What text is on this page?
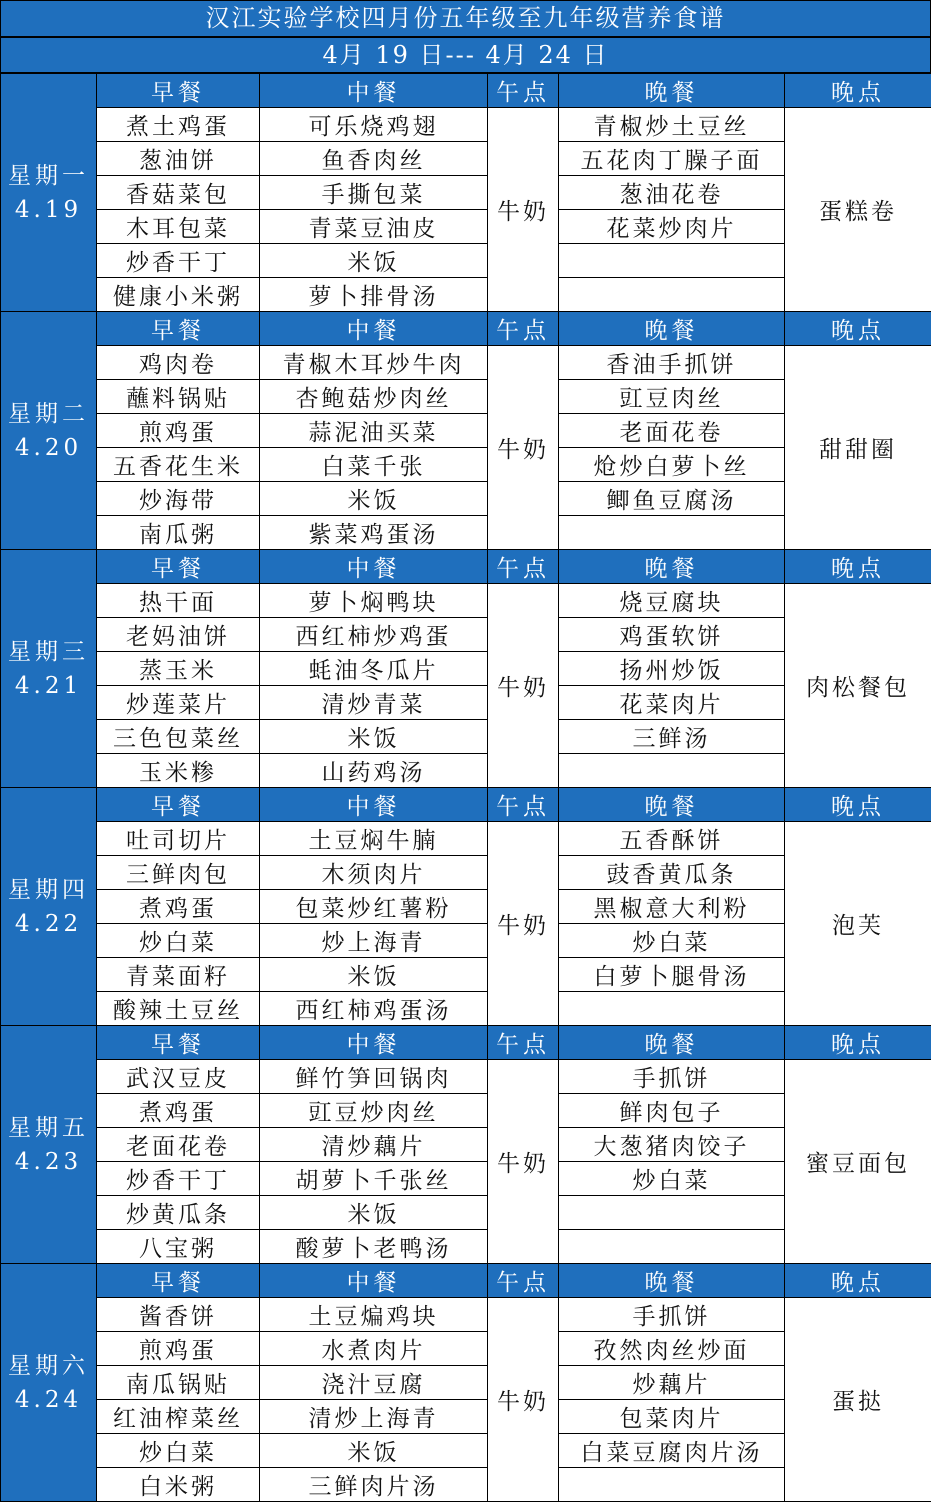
汉江实验学校四月份五年级至九年级营养食谱
4月 19 日--- 4月 24 日
星期一
4.19	早餐	中餐	午点	晚餐	晚点
	煮土鸡蛋	可乐烧鸡翅	牛奶	青椒炒土豆丝	蛋糕卷
	葱油饼	鱼香肉丝		五花肉丁臊子面	
	香菇菜包	手撕包菜		葱油花卷	
	木耳包菜	青菜豆油皮		花菜炒肉片	
	炒香干丁	米饭			
	健康小米粥	萝卜排骨汤			

星期二
4.20	早餐	中餐	午点	晚餐	晚点
	鸡肉卷	青椒木耳炒牛肉	牛奶	香油手抓饼	甜甜圈
	蘸料锅贴	杏鲍菇炒肉丝		豇豆肉丝	
	煎鸡蛋	蒜泥油买菜		老面花卷	
	五香花生米	白菜千张		炝炒白萝卜丝	
	炒海带	米饭		鲫鱼豆腐汤	
	南瓜粥	紫菜鸡蛋汤			

星期三
4.21	早餐	中餐	午点	晚餐	晚点
	热干面	萝卜焖鸭块	牛奶	烧豆腐块	肉松餐包
	老妈油饼	西红柿炒鸡蛋		鸡蛋软饼	
	蒸玉米	蚝油冬瓜片		扬州炒饭	
	炒莲菜片	清炒青菜		花菜肉片	
	三色包菜丝	米饭		三鲜汤	
	玉米糁	山药鸡汤			

星期四
4.22	早餐	中餐	午点	晚餐	晚点
	吐司切片	土豆焖牛腩	牛奶	五香酥饼	泡芙
	三鲜肉包	木须肉片		豉香黄瓜条	
	煮鸡蛋	包菜炒红薯粉		黑椒意大利粉	
	炒白菜	炒上海青		炒白菜	
	青菜面籽	米饭		白萝卜腿骨汤	
	酸辣土豆丝	西红柿鸡蛋汤			

星期五
4.23	早餐	中餐	午点	晚餐	晚点
	武汉豆皮	鲜竹笋回锅肉	牛奶	手抓饼	蜜豆面包
	煮鸡蛋	豇豆炒肉丝		鲜肉包子	
	老面花卷	清炒藕片		大葱猪肉饺子	
	炒香干丁	胡萝卜千张丝		炒白菜	
	炒黄瓜条	米饭			
	八宝粥	酸萝卜老鸭汤			

星期六
4.24	早餐	中餐	午点	晚餐	晚点
	酱香饼	土豆煸鸡块	牛奶	手抓饼	蛋挞
	煎鸡蛋	水煮肉片		孜然肉丝炒面	
	南瓜锅贴	浇汁豆腐		炒藕片	
	红油榨菜丝	清炒上海青		包菜肉片	
	炒白菜	米饭		白菜豆腐肉片汤	
	白米粥	三鲜肉片汤			
